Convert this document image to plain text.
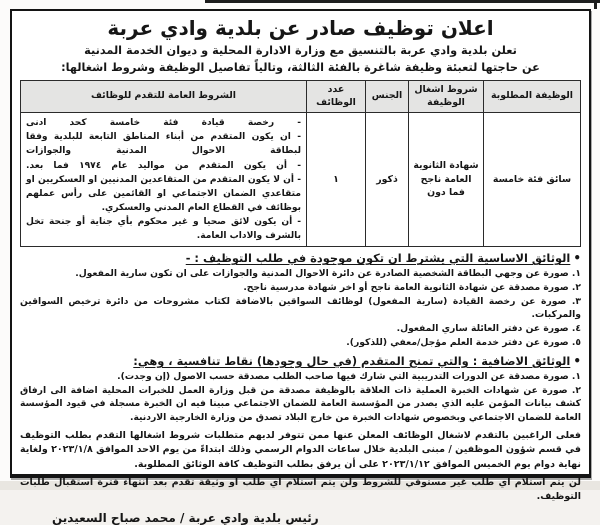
اعلان توظيف صادر عن بلدية وادي عربة

تعلن بلدية وادي عربة بالتنسيق مع وزارة الادارة المحلية و ديوان الخدمة المدنية

عن حاجتها لتعبئة وظيفة شاغرة بالفئة الثالثة، وتالياً تفاصيل الوظيفة وشروط اشغالها:

الوظيفة المطلوبة	شروط اشغال الوظيفة	الجنس	عدد الوظائف	الشروط العامة للتقدم للوظائف
سائق فئة خامسة	شهادة الثانوية العامة ناجح فما دون	ذكور	١	- رخصة قيادة فئة خامسة كحد ادنى
- ان يكون المتقدم من أبناء المناطق التابعة للبلدية وفقا لبطاقة الاحوال المدنية والجوازات
- أن يكون المتقدم من مواليد عام ١٩٧٤ فما بعد.
- أن لا يكون المتقدم من المتقاعدين المدنيين او العسكريين او متقاعدي الضمان الاجتماعي او القائمين على رأس عملهم بوظائف في القطاع العام المدني والعسكري.
- أن يكون لائق صحيا و غير محكوم بأي جناية أو جنحة تخل بالشرف والاداب العامة.
•الوثائق الاساسية التي يشترط ان تكون موجودة في طلب التوظيف : -

١. صورة عن وجهي البطاقة الشخصية الصادرة عن دائرة الاحوال المدنية والجوازات على ان تكون سارية المفعول.

٢. صورة مصدقة عن شهادة الثانوية العامة ناجح أو اخر شهادة مدرسية ناجح.

٣. صورة عن رخصة القيادة (سارية المفعول) لوظائف السواقين بالاضافة لكتاب مشروحات من دائرة ترخيص السواقين والمركبات.

٤. صورة عن دفتر العائلة ساري المفعول.

٥. صورة عن دفتر خدمة العلم مؤجل/معفي (للذكور).

•الوثائق الاضافية : والتي تمنح المتقدم (في حال وجودها) نقاط تنافسية ، وهي:

١. صورة مصدقة عن الدورات التدريبية التي شارك فيها صاحب الطلب مصدقة حسب الاصول (إن وجدت).

٢. صورة عن شهادات الخبرة العملية ذات العلاقة بالوظيفة مصدقة من قبل وزارة العمل للخبرات المحلية اضافة الى ارفاق كشف بيانات المؤمن عليه الذي يصدر من المؤسسة العامة للضمان الاجتماعي مبينا فيه ان الخبرة مسجلة في قيود المؤسسة العامة للضمان الاجتماعي وبخصوص شهادات الخبرة من خارج البلاد تصدق من وزارة الخارجية الاردنية.

فعلى الراغبين بالتقدم لاشغال الوظائف المعلن عنها ممن تتوفر لديهم متطلبات شروط اشغالها التقدم بطلب التوظيف في قسم شؤون الموظفين / مبنى البلدية خلال ساعات الدوام الرسمي وذلك ابتداءً من يوم الاحد الموافق ٢٠٢٣/١/٨ ولغاية نهاية دوام يوم الخميس الموافق ٢٠٢٣/١/١٢ على أن يرفق بطلب التوظيف كافة الوثائق المطلوبة.

لن يتم استلام أي طلب غير مستوفي للشروط ولن يتم استلام أي طلب أو وثيقة تقدم بعد انتهاء فترة استقبال طلبات التوظيف.

رئيس بلدية وادي عربة / محمد صباح السعيدين
